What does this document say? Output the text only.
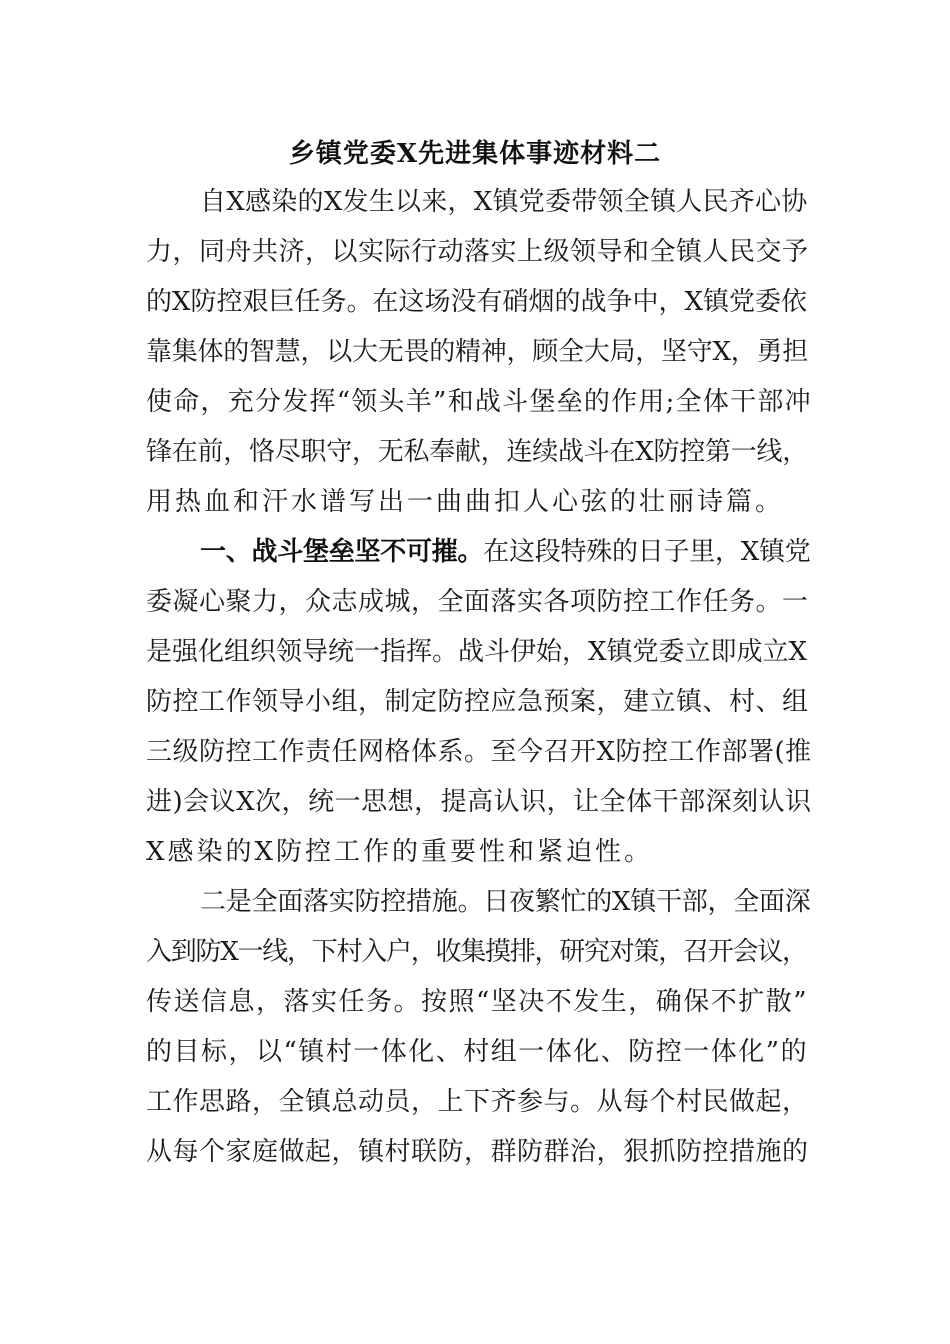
乡镇党委X先进集体事迹材料二
自X感染的X发生以来，X镇党委带领全镇人民齐心协
力，同舟共济，以实际行动落实上级领导和全镇人民交予
的X防控艰巨任务。在这场没有硝烟的战争中，X镇党委依
靠集体的智慧，以大无畏的精神，顾全大局，坚守X，勇担
使命，充分发挥“领头羊”和战斗堡垒的作用;全体干部冲
锋在前，恪尽职守，无私奉献，连续战斗在X防控第一线，
用热血和汗水谱写出一曲曲扣人心弦的壮丽诗篇。
一、战斗堡垒坚不可摧。在这段特殊的日子里，X镇党
委凝心聚力，众志成城，全面落实各项防控工作任务。一
是强化组织领导统一指挥。战斗伊始，X镇党委立即成立X
防控工作领导小组，制定防控应急预案，建立镇、村、组
三级防控工作责任网格体系。至今召开X防控工作部署(推
进)会议X次，统一思想，提高认识，让全体干部深刻认识
X感染的X防控工作的重要性和紧迫性。
二是全面落实防控措施。日夜繁忙的X镇干部，全面深
入到防X一线，下村入户，收集摸排，研究对策，召开会议，
传送信息，落实任务。按照“坚决不发生，确保不扩散”
的目标，以“镇村一体化、村组一体化、防控一体化”的
工作思路，全镇总动员，上下齐参与。从每个村民做起，
从每个家庭做起，镇村联防，群防群治，狠抓防控措施的
